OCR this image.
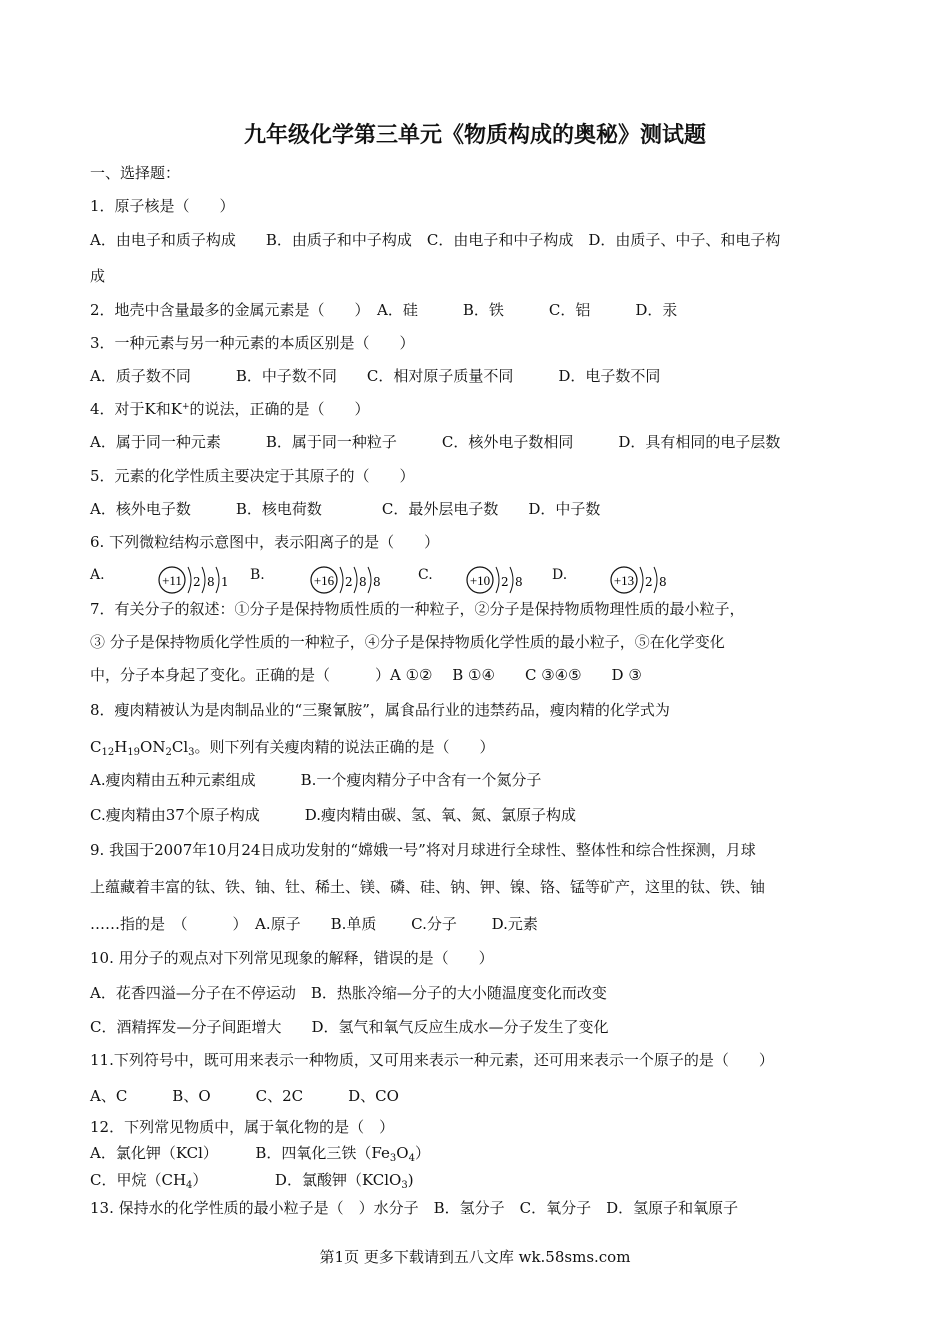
九年级化学第三单元《物质构成的奥秘》测试题
一、选择题：
1．原子核是（　　）
A．由电子和质子构成　　B．由质子和中子构成　C．由电子和中子构成　D．由质子、中子、和电子构
成
2．地壳中含量最多的金属元素是（　　）　A．硅　　　B．铁　　　C．铝　　　D．汞
3．一种元素与另一种元素的本质区别是（　　）
A．质子数不同　　　B．中子数不同　　C．相对原子质量不同　　　D．电子数不同
4．对于K和K+的说法，正确的是（　　）
A．属于同一种元素　　　B．属于同一种粒子　　　C．核外电子数相同　　　D．具有相同的电子层数
5．元素的化学性质主要决定于其原子的（　　）
A．核外电子数　　　B．核电荷数　　　　C．最外层电子数　　D．中子数
6. 下列微粒结构示意图中，表示阳离子的是（　　）
A.	+11 2 8 1 B.	+16 2 8 8	C.	+10 2 8 D.	+13 2 8
7．有关分子的叙述：①分子是保持物质性质的一种粒子，②分子是保持物质物理性质的最小粒子，
③ 分子是保持物质化学性质的一种粒子，④分子是保持物质化学性质的最小粒子，⑤在化学变化
中，分子本身起了变化。正确的是（　　　）A ①②　 B ①④　　C ③④⑤　　D ③
8．瘦肉精被认为是肉制品业的“三聚氰胺”，属食品行业的违禁药品，瘦肉精的化学式为
$C_{12}H_{19}ON_2Cl_3$。则下列有关瘦肉精的说法正确的是（　　）
A.瘦肉精由五种元素组成　　　B.一个瘦肉精分子中含有一个氮分子
C.瘦肉精由37个原子构成　　　D.瘦肉精由碳、氢、氧、氮、氯原子构成
9. 我国于2007年10月24日成功发射的“嫦娥一号”将对月球进行全球性、整体性和综合性探测，月球
上蕴藏着丰富的钛、铁、铀、钍、稀土、镁、磷、硅、钠、钾、镍、铬、锰等矿产，这里的钛、铁、铀
……指的是　（　　　）　A.原子　　B.单质　　 C.分子　　 D.元素
10. 用分子的观点对下列常见现象的解释，错误的是（　　）
A．花香四溢—分子在不停运动　B．热胀冷缩—分子的大小随温度变化而改变
C．酒精挥发—分子间距增大　　D．氢气和氧气反应生成水—分子发生了变化
11.下列符号中，既可用来表示一种物质，又可用来表示一种元素，还可用来表示一个原子的是（　　）
A、C　　　B、O　　　C、2C　　　D、CO
12．下列常见物质中，属于氧化物的是（　）
A．氯化钾（KCl）　　　B．四氧化三铁$(Fe_3O_4)$
C．甲烷$(CH_4)$　　　　　D．氯酸钾（KClO$_3$)
13. 保持水的化学性质的最小粒子是（　）水分子　B．氢分子　C．氧分子　D．氢原子和氧原子
第1页 更多下载请到五八文库 wk.58sms.com
